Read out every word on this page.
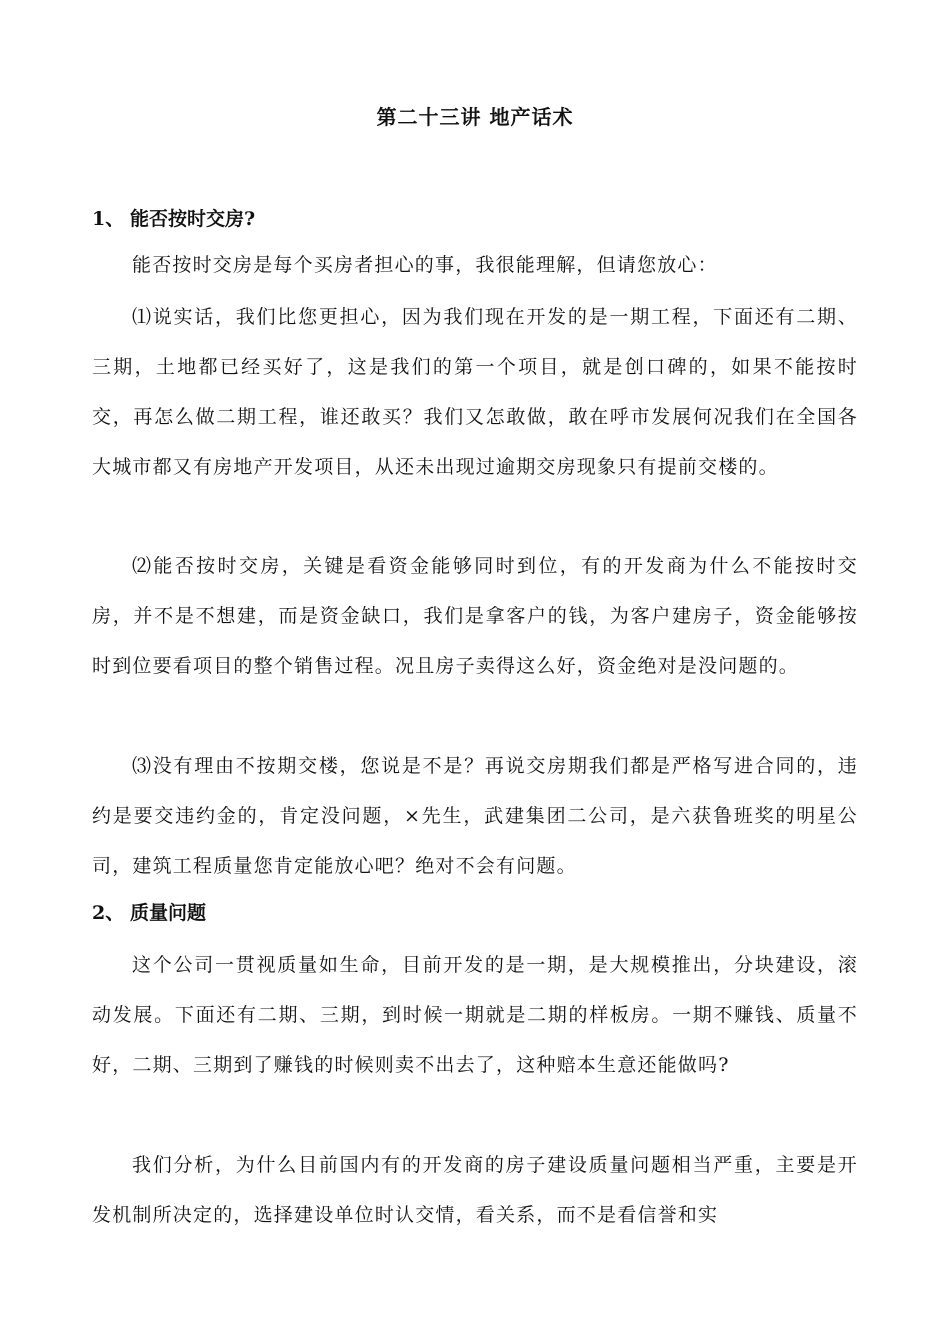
第二十三讲 地产话术
1、 能否按时交房?
能否按时交房是每个买房者担心的事，我很能理解，但请您放心：
⑴说实话，我们比您更担心，因为我们现在开发的是一期工程，下面还有二期、三期，土地都已经买好了，这是我们的第一个项目，就是创口碑的，如果不能按时交，再怎么做二期工程，谁还敢买？我们又怎敢做，敢在呼市发展何况我们在全国各大城市都又有房地产开发项目，从还未出现过逾期交房现象只有提前交楼的。
⑵能否按时交房，关键是看资金能够同时到位，有的开发商为什么不能按时交房，并不是不想建，而是资金缺口，我们是拿客户的钱，为客户建房子，资金能够按时到位要看项目的整个销售过程。况且房子卖得这么好，资金绝对是没问题的。
⑶没有理由不按期交楼，您说是不是？再说交房期我们都是严格写进合同的，违约是要交违约金的，肯定没问题，×先生，武建集团二公司，是六获鲁班奖的明星公司，建筑工程质量您肯定能放心吧？绝对不会有问题。
2、 质量问题
这个公司一贯视质量如生命，目前开发的是一期，是大规模推出，分块建设，滚动发展。下面还有二期、三期，到时候一期就是二期的样板房。一期不赚钱、质量不好，二期、三期到了赚钱的时候则卖不出去了，这种赔本生意还能做吗?
我们分析，为什么目前国内有的开发商的房子建设质量问题相当严重，主要是开发机制所决定的，选择建设单位时认交情，看关系，而不是看信誉和实
